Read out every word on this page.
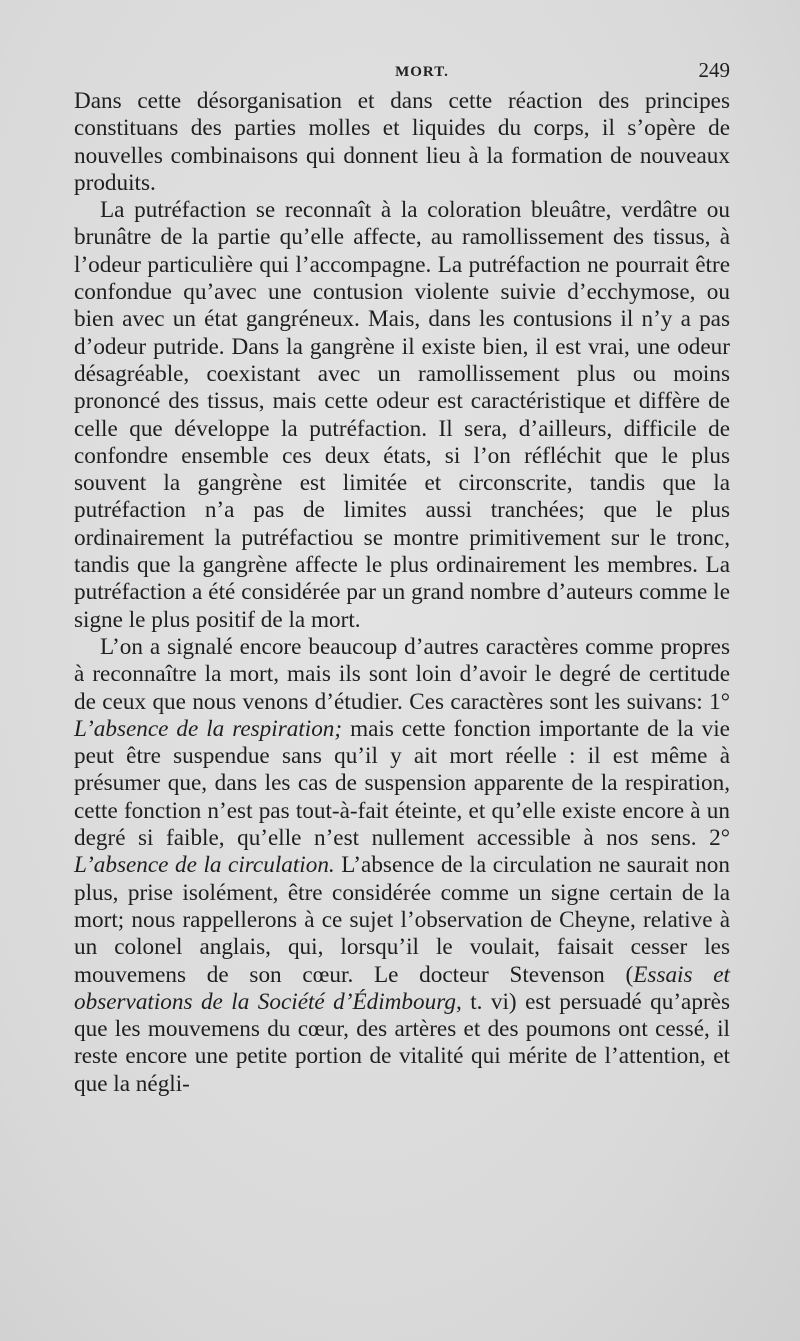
MORT.	249

Dans cette désorganisation et dans cette réaction des principes constituans des parties molles et liquides du corps, il s’opère de nouvelles combinaisons qui donnent lieu à la formation de nouveaux produits.

La putréfaction se reconnaît à la coloration bleuâtre, verdâtre ou brunâtre de la partie qu’elle affecte, au ramollissement des tissus, à l’odeur particulière qui l’accompagne. La putréfaction ne pourrait être confondue qu’avec une contusion violente suivie d’ecchymose, ou bien avec un état gangréneux. Mais, dans les contusions il n’y a pas d’odeur putride. Dans la gangrène il existe bien, il est vrai, une odeur désagréable, coexistant avec un ramollissement plus ou moins prononcé des tissus, mais cette odeur est caractéristique et diffère de celle que développe la putréfaction. Il sera, d’ailleurs, difficile de confondre ensemble ces deux états, si l’on réfléchit que le plus souvent la gangrène est limitée et circonscrite, tandis que la putréfaction n’a pas de limites aussi tranchées; que le plus ordinairement la putréfactiou se montre primitivement sur le tronc, tandis que la gangrène affecte le plus ordinairement les membres. La putréfaction a été considérée par un grand nombre d’auteurs comme le signe le plus positif de la mort.

L’on a signalé encore beaucoup d’autres caractères comme propres à reconnaître la mort, mais ils sont loin d’avoir le degré de certitude de ceux que nous venons d’étudier. Ces caractères sont les suivans: 1° L’absence de la respiration; mais cette fonction importante de la vie peut être suspendue sans qu’il y ait mort réelle : il est même à présumer que, dans les cas de suspension apparente de la respiration, cette fonction n’est pas tout-à-fait éteinte, et qu’elle existe encore à un degré si faible, qu’elle n’est nullement accessible à nos sens. 2° L’absence de la circulation. L’absence de la circulation ne saurait non plus, prise isolément, être considérée comme un signe certain de la mort; nous rappellerons à ce sujet l’observation de Cheyne, relative à un colonel anglais, qui, lorsqu’il le voulait, faisait cesser les mouvemens de son cœur. Le docteur Stevenson (Essais et observations de la Société d’Édimbourg, t. vi) est persuadé qu’après que les mouvemens du cœur, des artères et des poumons ont cessé, il reste encore une petite portion de vitalité qui mérite de l’attention, et que la négli-
